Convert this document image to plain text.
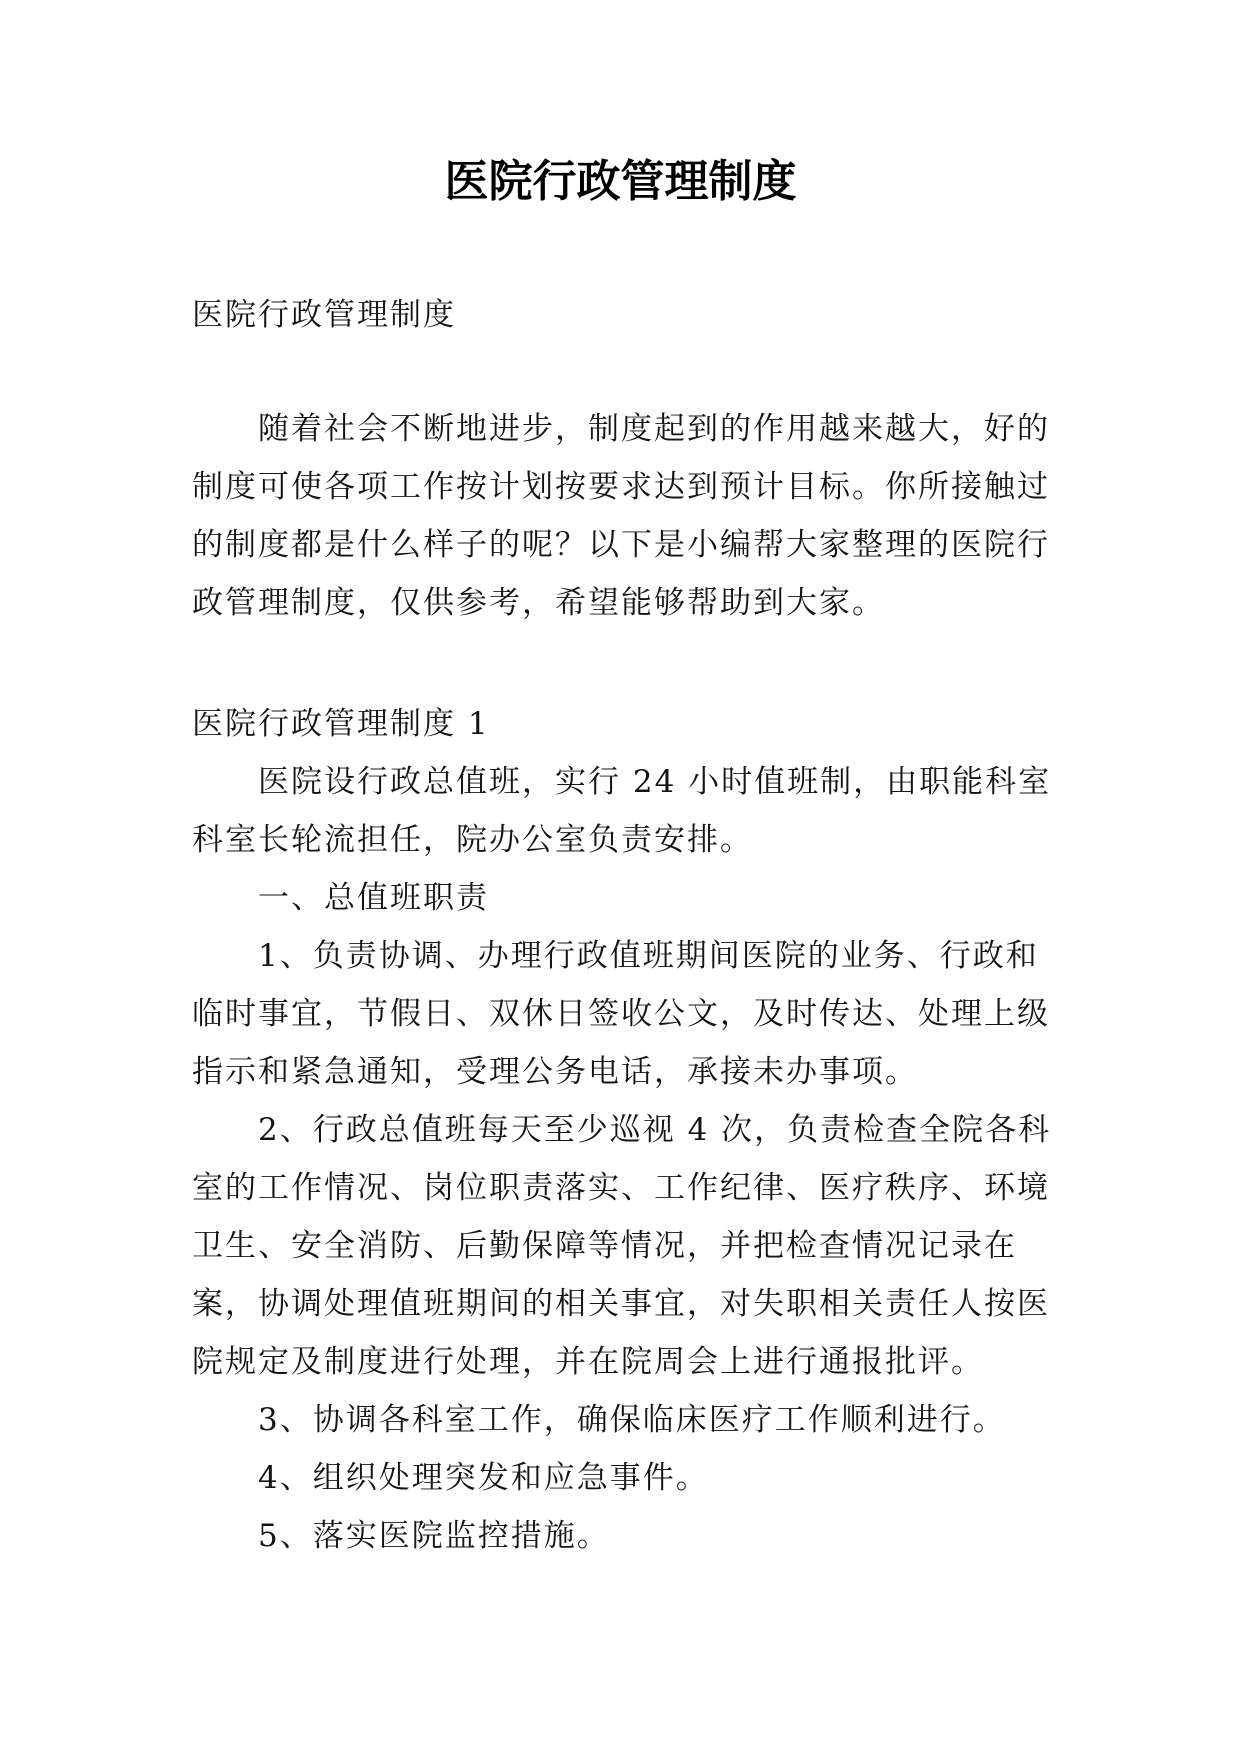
医院行政管理制度

医院行政管理制度

随着社会不断地进步，制度起到的作用越来越大，好的制度可使各项工作按计划按要求达到预计目标。你所接触过的制度都是什么样子的呢？以下是小编帮大家整理的医院行政管理制度，仅供参考，希望能够帮助到大家。

医院行政管理制度 1

医院设行政总值班，实行 24 小时值班制，由职能科室科室长轮流担任，院办公室负责安排。

一、总值班职责

1、负责协调、办理行政值班期间医院的业务、行政和临时事宜，节假日、双休日签收公文，及时传达、处理上级指示和紧急通知，受理公务电话，承接未办事项。

2、行政总值班每天至少巡视 4 次，负责检查全院各科室的工作情况、岗位职责落实、工作纪律、医疗秩序、环境卫生、安全消防、后勤保障等情况，并把检查情况记录在案，协调处理值班期间的相关事宜，对失职相关责任人按医院规定及制度进行处理，并在院周会上进行通报批评。

3、协调各科室工作，确保临床医疗工作顺利进行。

4、组织处理突发和应急事件。

5、落实医院监控措施。
